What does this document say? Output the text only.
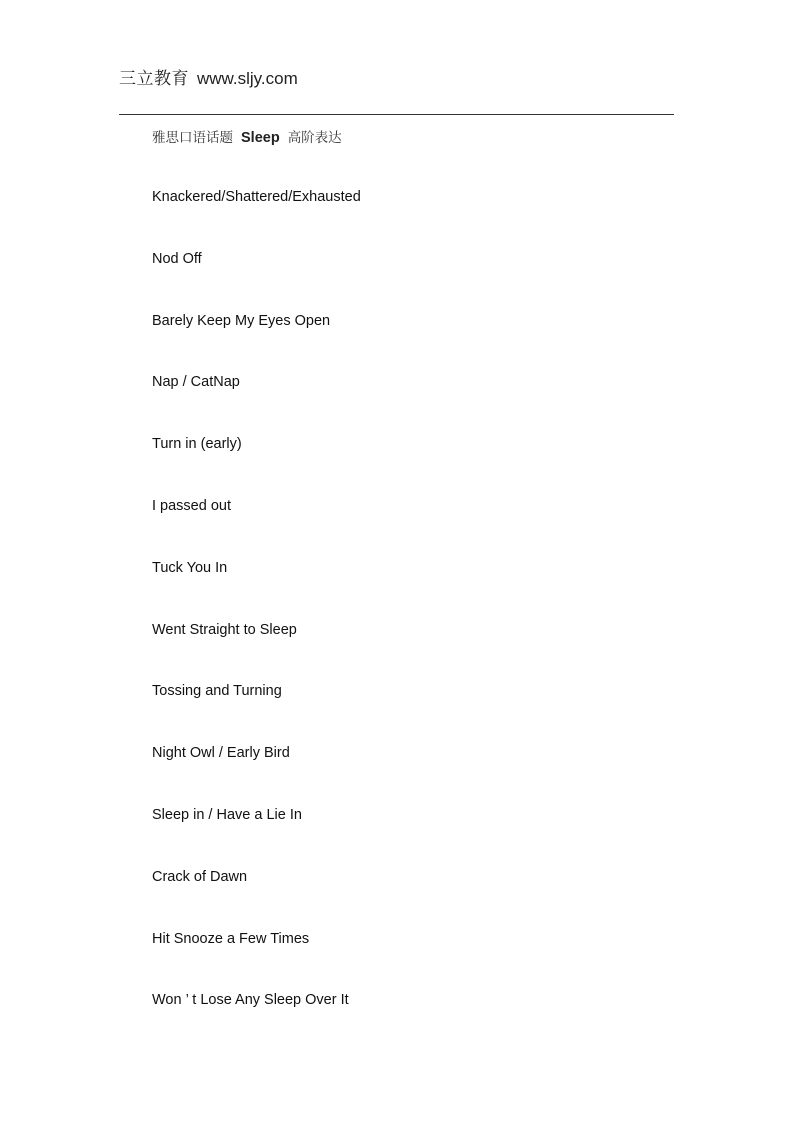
三立教育 www.sljy.com
雅思口语话题 Sleep 高阶表达
Knackered/Shattered/Exhausted
Nod Off
Barely Keep My Eyes Open
Nap / CatNap
Turn in (early)
I passed out
Tuck You In
Went Straight to Sleep
Tossing and Turning
Night Owl / Early Bird
Sleep in / Have a Lie In
Crack of Dawn
Hit Snooze a Few Times
Won ’ t Lose Any Sleep Over It
